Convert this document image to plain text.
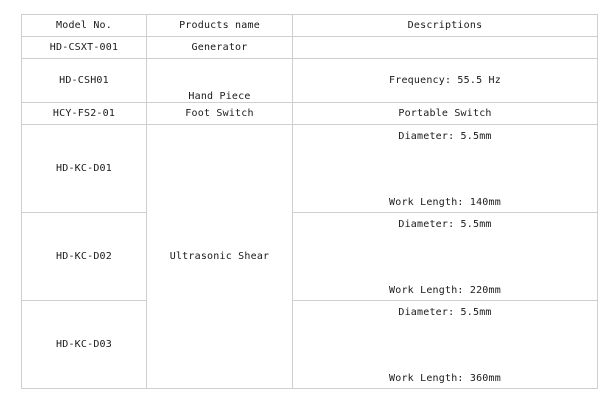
Model No.	Products name	Descriptions
HD-CSXT-001	Generator	
HD-CSH01	Hand Piece	Frequency: 55.5 Hz
HCY-FS2-01	Foot Switch	Portable Switch
HD-KC-D01	Ultrasonic Shear	Diameter: 5.5mm
Work Length: 140mm

HD-KC-D02		Diameter: 5.5mm
Work Length: 220mm

HD-KC-D03		Diameter: 5.5mm
Work Length: 360mm
